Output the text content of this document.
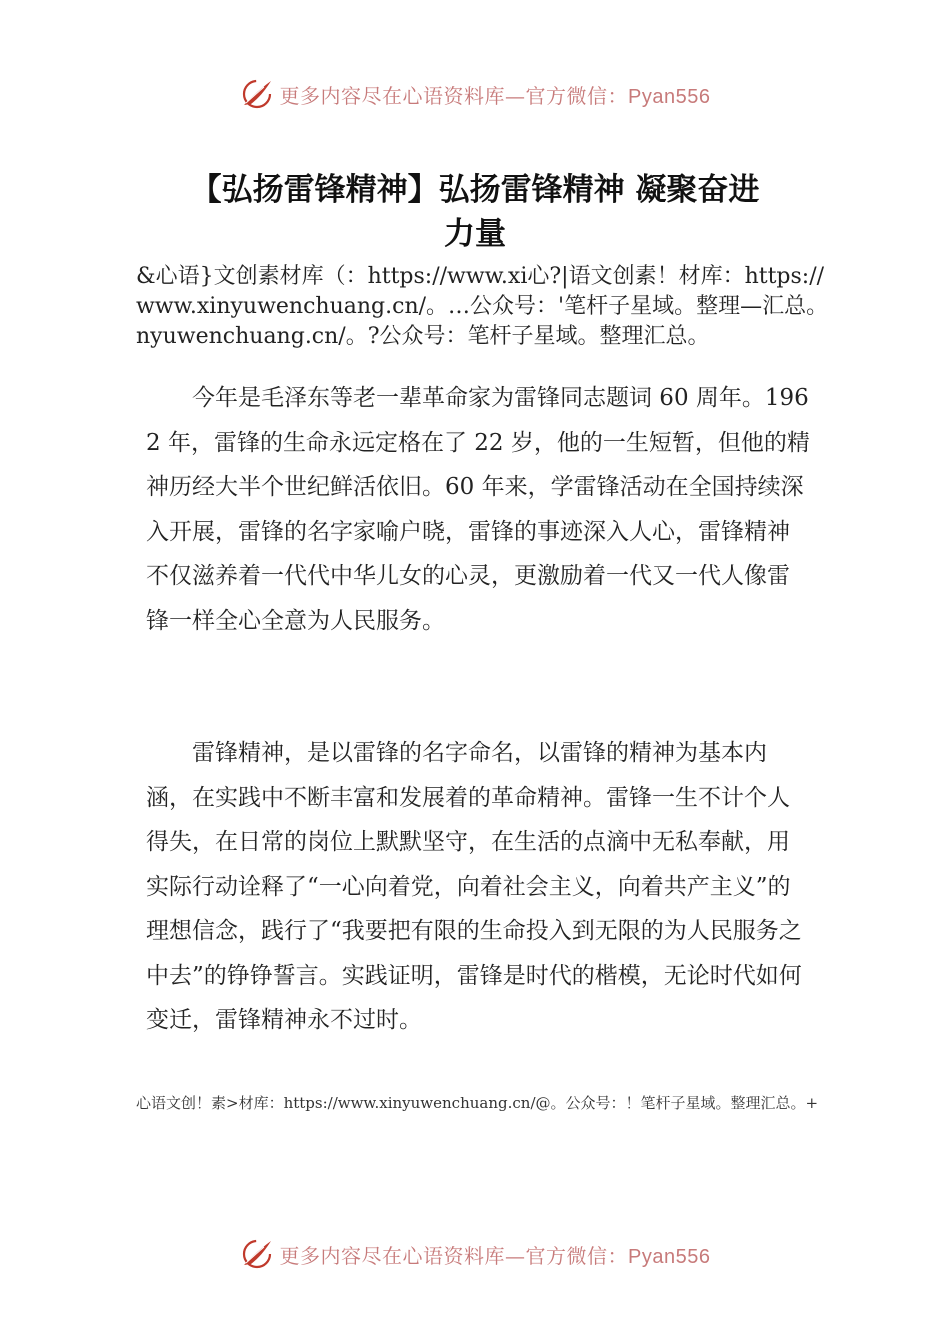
更多内容尽在心语资料库—官方微信：Pyan556
【弘扬雷锋精神】弘扬雷锋精神 凝聚奋进
力量
&心语}文创素材库（：https://www.xi心?|语文创素！材库：https://www.xinyuwenchuang.cn/。…公众号：'笔杆子星域。整理—汇总。nyuwenchuang.cn/。?公众号：笔杆子星域。整理汇总。

今年是毛泽东等老一辈革命家为雷锋同志题词 60 周年。1962 年，雷锋的生命永远定格在了 22 岁，他的一生短暂，但他的精神历经大半个世纪鲜活依旧。60 年来，学雷锋活动在全国持续深入开展，雷锋的名字家喻户晓，雷锋的事迹深入人心，雷锋精神不仅滋养着一代代中华儿女的心灵，更激励着一代又一代人像雷锋一样全心全意为人民服务。

雷锋精神，是以雷锋的名字命名，以雷锋的精神为基本内涵，在实践中不断丰富和发展着的革命精神。雷锋一生不计个人得失，在日常的岗位上默默坚守，在生活的点滴中无私奉献，用实际行动诠释了“一心向着党，向着社会主义，向着共产主义”的理想信念，践行了“我要把有限的生命投入到无限的为人民服务之中去”的铮铮誓言。实践证明，雷锋是时代的楷模，无论时代如何变迁，雷锋精神永不过时。

心语文创！素>材库：https://www.xinyuwenchuang.cn/@。公众号：！笔杆子星域。整理汇总。+
更多内容尽在心语资料库—官方微信：Pyan556
